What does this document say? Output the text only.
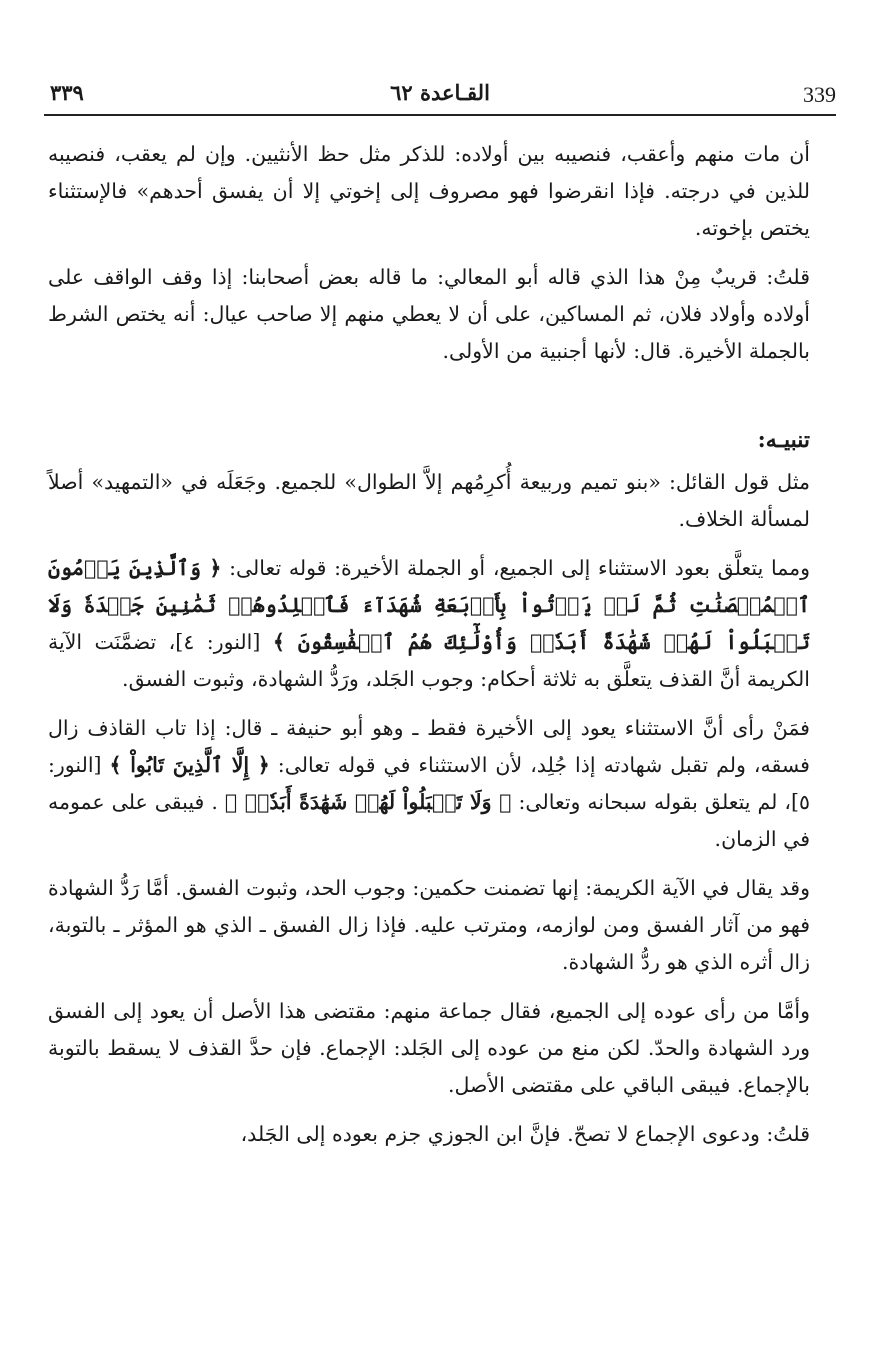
٣٣٩	القـاعدة ٦٢	339

أن مات منهم وأعقب، فنصيبه بين أولاده: للذكر مثل حظ الأنثيين. وإن لم يعقب، فنصيبه للذين في درجته. فإذا انقرضوا فهو مصروف إلى إخوتي إلا أن يفسق أحدهم» فالإستثناء يختص بإخوته.

قلتُ: قريبٌ مِنْ هذا الذي قاله أبو المعالي: ما قاله بعض أصحابنا: إذا وقف الواقف على أولاده وأولاد فلان، ثم المساكين، على أن لا يعطي منهم إلا صاحب عيال: أنه يختص الشرط بالجملة الأخيرة. قال: لأنها أجنبية من الأولى.

تنبيـه:

مثل قول القائل: «بنو تميم وربيعة أُكرِمُهم إلاَّ الطوال» للجميع. وجَعَلَه في «التمهيد» أصلاً لمسألة الخلاف.

ومما يتعلَّق بعود الاستثناء إلى الجميع، أو الجملة الأخيرة: قوله تعالى: ﴿ وَٱلَّذِينَ يَرۡمُونَ ٱلۡمُحۡصَنَٰتِ ثُمَّ لَمۡ يَأۡتُواْ بِأَرۡبَعَةِ شُهَدَآءَ فَٱجۡلِدُوهُمۡ ثَمَٰنِينَ جَلۡدَةٗ وَلَا تَقۡبَلُواْ لَهُمۡ شَهَٰدَةً أَبَدٗاۚ وَأُوْلَٰٓئِكَ هُمُ ٱلۡفَٰسِقُونَ ﴾ [النور: ٤]، تضمَّنَت الآية الكريمة أنَّ القذف يتعلَّق به ثلاثة أحكام: وجوب الجَلد، ورَدُّ الشهادة، وثبوت الفسق.

فمَنْ رأى أنَّ الاستثناء يعود إلى الأخيرة فقط ـ وهو أبو حنيفة ـ قال: إذا تاب القاذف زال فسقه، ولم تقبل شهادته إذا جُلِد، لأن الاستثناء في قوله تعالى: ﴿ إِلَّا ٱلَّذِينَ تَابُواْ ﴾ [النور: ٥]، لم يتعلق بقوله سبحانه وتعالى: ﴿ وَلَا تَقۡبَلُواْ لَهُمۡ شَهَٰدَةً أَبَدٗاۚ ﴾ . فيبقى على عمومه في الزمان.

وقد يقال في الآية الكريمة: إنها تضمنت حكمين: وجوب الحد، وثبوت الفسق. أمَّا رَدُّ الشهادة فهو من آثار الفسق ومن لوازمه، ومترتب عليه. فإذا زال الفسق ـ الذي هو المؤثر ـ بالتوبة، زال أثره الذي هو ردُّ الشهادة.

وأمَّا من رأى عوده إلى الجميع، فقال جماعة منهم: مقتضى هذا الأصل أن يعود إلى الفسق ورد الشهادة والحدّ. لكن منع من عوده إلى الجَلد: الإجماع. فإن حدَّ القذف لا يسقط بالتوبة بالإجماع. فيبقى الباقي على مقتضى الأصل.

قلتُ: ودعوى الإجماع لا تصحّ. فإنَّ ابن الجوزي جزم بعوده إلى الجَلد،
